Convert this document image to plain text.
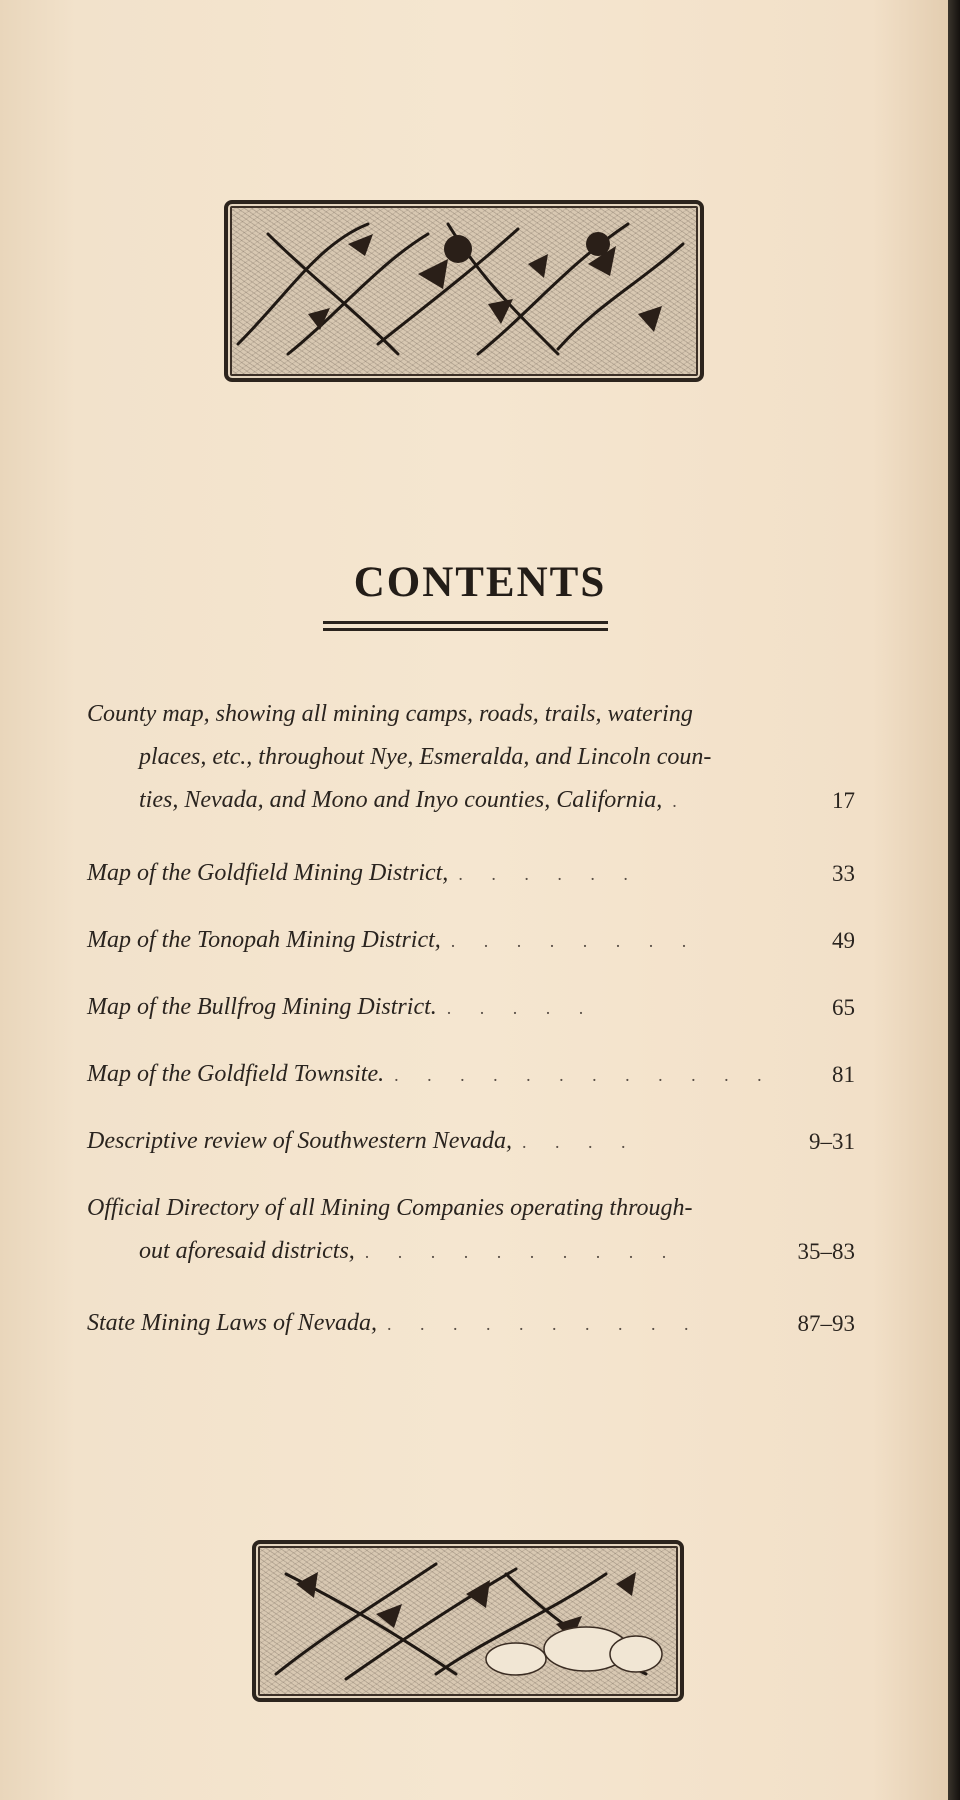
CONTENTS
County map, showing all mining camps, roads, trails, watering
places, etc., throughout Nye, Esmeralda, and Lincoln coun-
ties, Nevada, and Mono and Inyo counties, California, .	17
Map of the Goldfield Mining District, . . . . . .	33
Map of the Tonopah Mining District, . . . . . . . .	49
Map of the Bullfrog Mining District. . . . . .	65
Map of the Goldfield Townsite. . . . . . . . . . . . .	81
Descriptive review of Southwestern Nevada,. . . .	9–31
Official Directory of all Mining Companies operating through-
out aforesaid districts, . . . . . . . . . .	35–83
State Mining Laws of Nevada, . . . . . . . . . .	87–93
